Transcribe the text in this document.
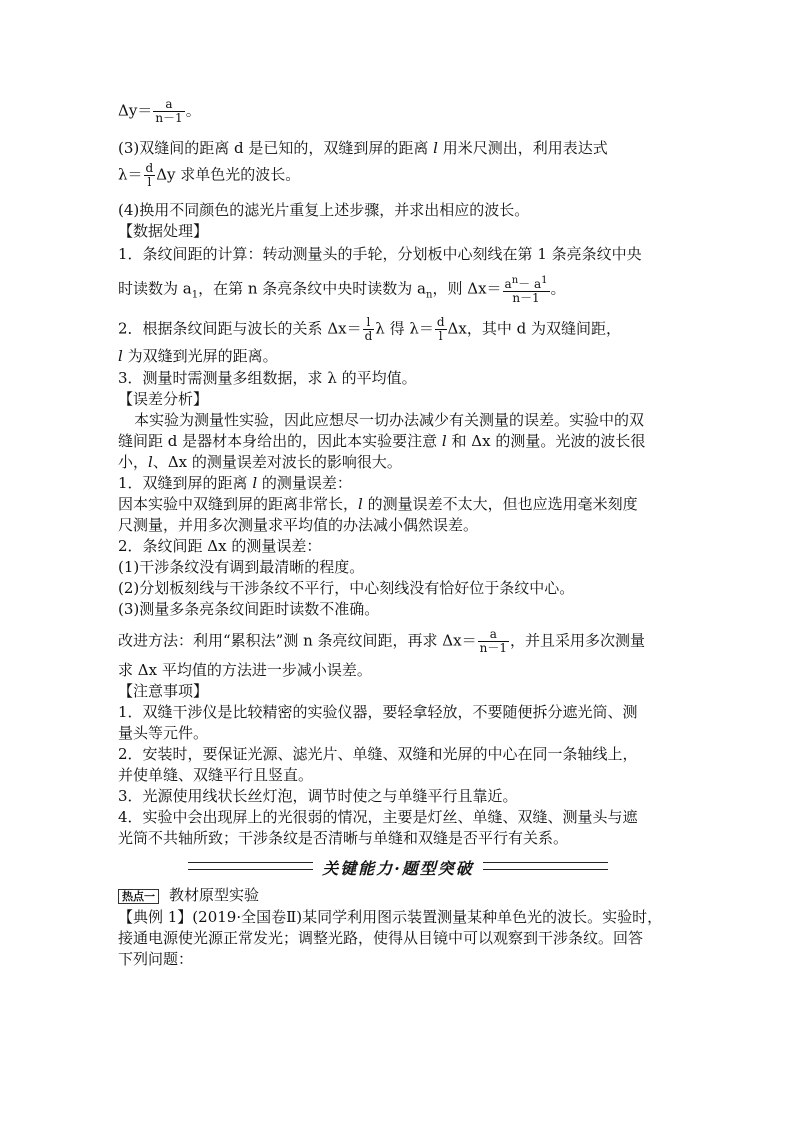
$\Delta y= \frac{a}{n-1}$ 。
(3)双缝间的距离 d 是已知的，双缝到屏的距离 l 用米尺测出，利用表达式
$\lambda= \frac{d}{l}$ Δy 求单色光的波长。
(4)换用不同颜色的滤光片重复上述步骤，并求出相应的波长。
【数据处理】
1．条纹间距的计算：转动测量头的手轮，分划板中心刻线在第 1 条亮条纹中央
时读数为 $a_1$，在第 n 条亮条纹中央时读数为 $a_n$，则 $\Delta x= \frac{a^n- a^1}{n-1}$ 。
2．根据条纹间距与波长的关系 $\Delta x= \frac{l}{d}$ λ 得 $\lambda= \frac{d}{l}$ Δx，其中 d 为双缝间距，
l 为双缝到光屏的距离。
3．测量时需测量多组数据，求 λ 的平均值。
【误差分析】
本实验为测量性实验，因此应想尽一切办法减少有关测量的误差。实验中的双
缝间距 d 是器材本身给出的，因此本实验要注意 l 和 Δx 的测量。光波的波长很
小，l、Δx 的测量误差对波长的影响很大。
1．双缝到屏的距离 l 的测量误差：
因本实验中双缝到屏的距离非常长，l 的测量误差不太大，但也应选用毫米刻度
尺测量，并用多次测量求平均值的办法减小偶然误差。
2．条纹间距 Δx 的测量误差：
(1)干涉条纹没有调到最清晰的程度。
(2)分划板刻线与干涉条纹不平行，中心刻线没有恰好位于条纹中心。
(3)测量多条亮条纹间距时读数不准确。
改进方法：利用“累积法”测 n 条亮纹间距，再求 $\Delta x= \frac{a}{n-1}$ ，并且采用多次测量
求 Δx 平均值的方法进一步减小误差。
【注意事项】
1．双缝干涉仪是比较精密的实验仪器，要轻拿轻放，不要随便拆分遮光筒、测
量头等元件。
2．安装时，要保证光源、滤光片、单缝、双缝和光屏的中心在同一条轴线上，
并使单缝、双缝平行且竖直。
3．光源使用线状长丝灯泡，调节时使之与单缝平行且靠近。
4．实验中会出现屏上的光很弱的情况，主要是灯丝、单缝、双缝、测量头与遮
光筒不共轴所致；干涉条纹是否清晰与单缝和双缝是否平行有关系。
关键能力·题型突破
热点一 教材原型实验
【典例 1】(2019·全国卷Ⅱ)某同学利用图示装置测量某种单色光的波长。实验时，
接通电源使光源正常发光；调整光路，使得从目镜中可以观察到干涉条纹。回答
下列问题：
